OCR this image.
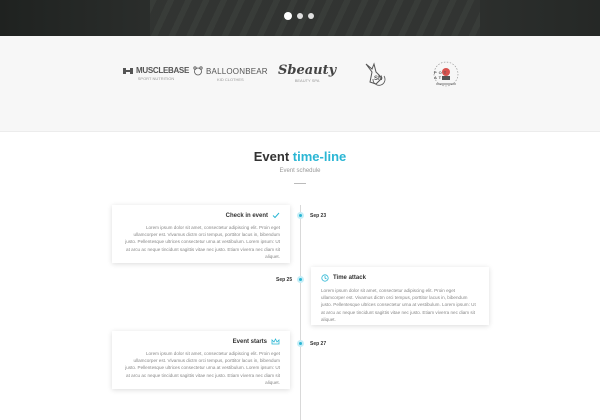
MUSCLEBASE
SPORT NUTRITION
BALLOONBEAR
KID CLOTHES
Sbeauty
BEAUTY SPA	SN
POT ATO
Event time-line
Event schedule
Sep 23
Check in event

Lorem ipsum dolor sit amet, consectetur adipiscing elit. Proin eget ullamcorper est. Vivamus dictm orci tempus, porttitor lacus in, bibendum justo. Pellentesque ultrices consectetur urna at vestibulum. Lorem ipsum: Ut at arcu ac neque tincidunt sagittis vitae nec justo. Etiam viverra nec diam sit aliquet.

Sep 25	Time attack

Lorem ipsum dolor sit amet, consectetur adipiscing elit. Proin eget ullamcorper est. Vivamus dictm orci tempus, porttitor lacus in, bibendum justo. Pellentesque ultrices consectetur urna at vestibulum. Lorem ipsum: Ut at arcu ac neque tincidunt sagittis vitae nec justo. Etiam viverra nec diam sit aliquet.

Sep 27
Event starts

Lorem ipsum dolor sit amet, consectetur adipiscing elit. Proin eget ullamcorper est. Vivamus dictm orci tempus, porttitor lacus in, bibendum justo. Pellentesque ultrices consectetur urna at vestibulum. Lorem ipsum: Ut at arcu ac neque tincidunt sagittis vitae nec justo. Etiam viverra nec diam sit aliquet.
